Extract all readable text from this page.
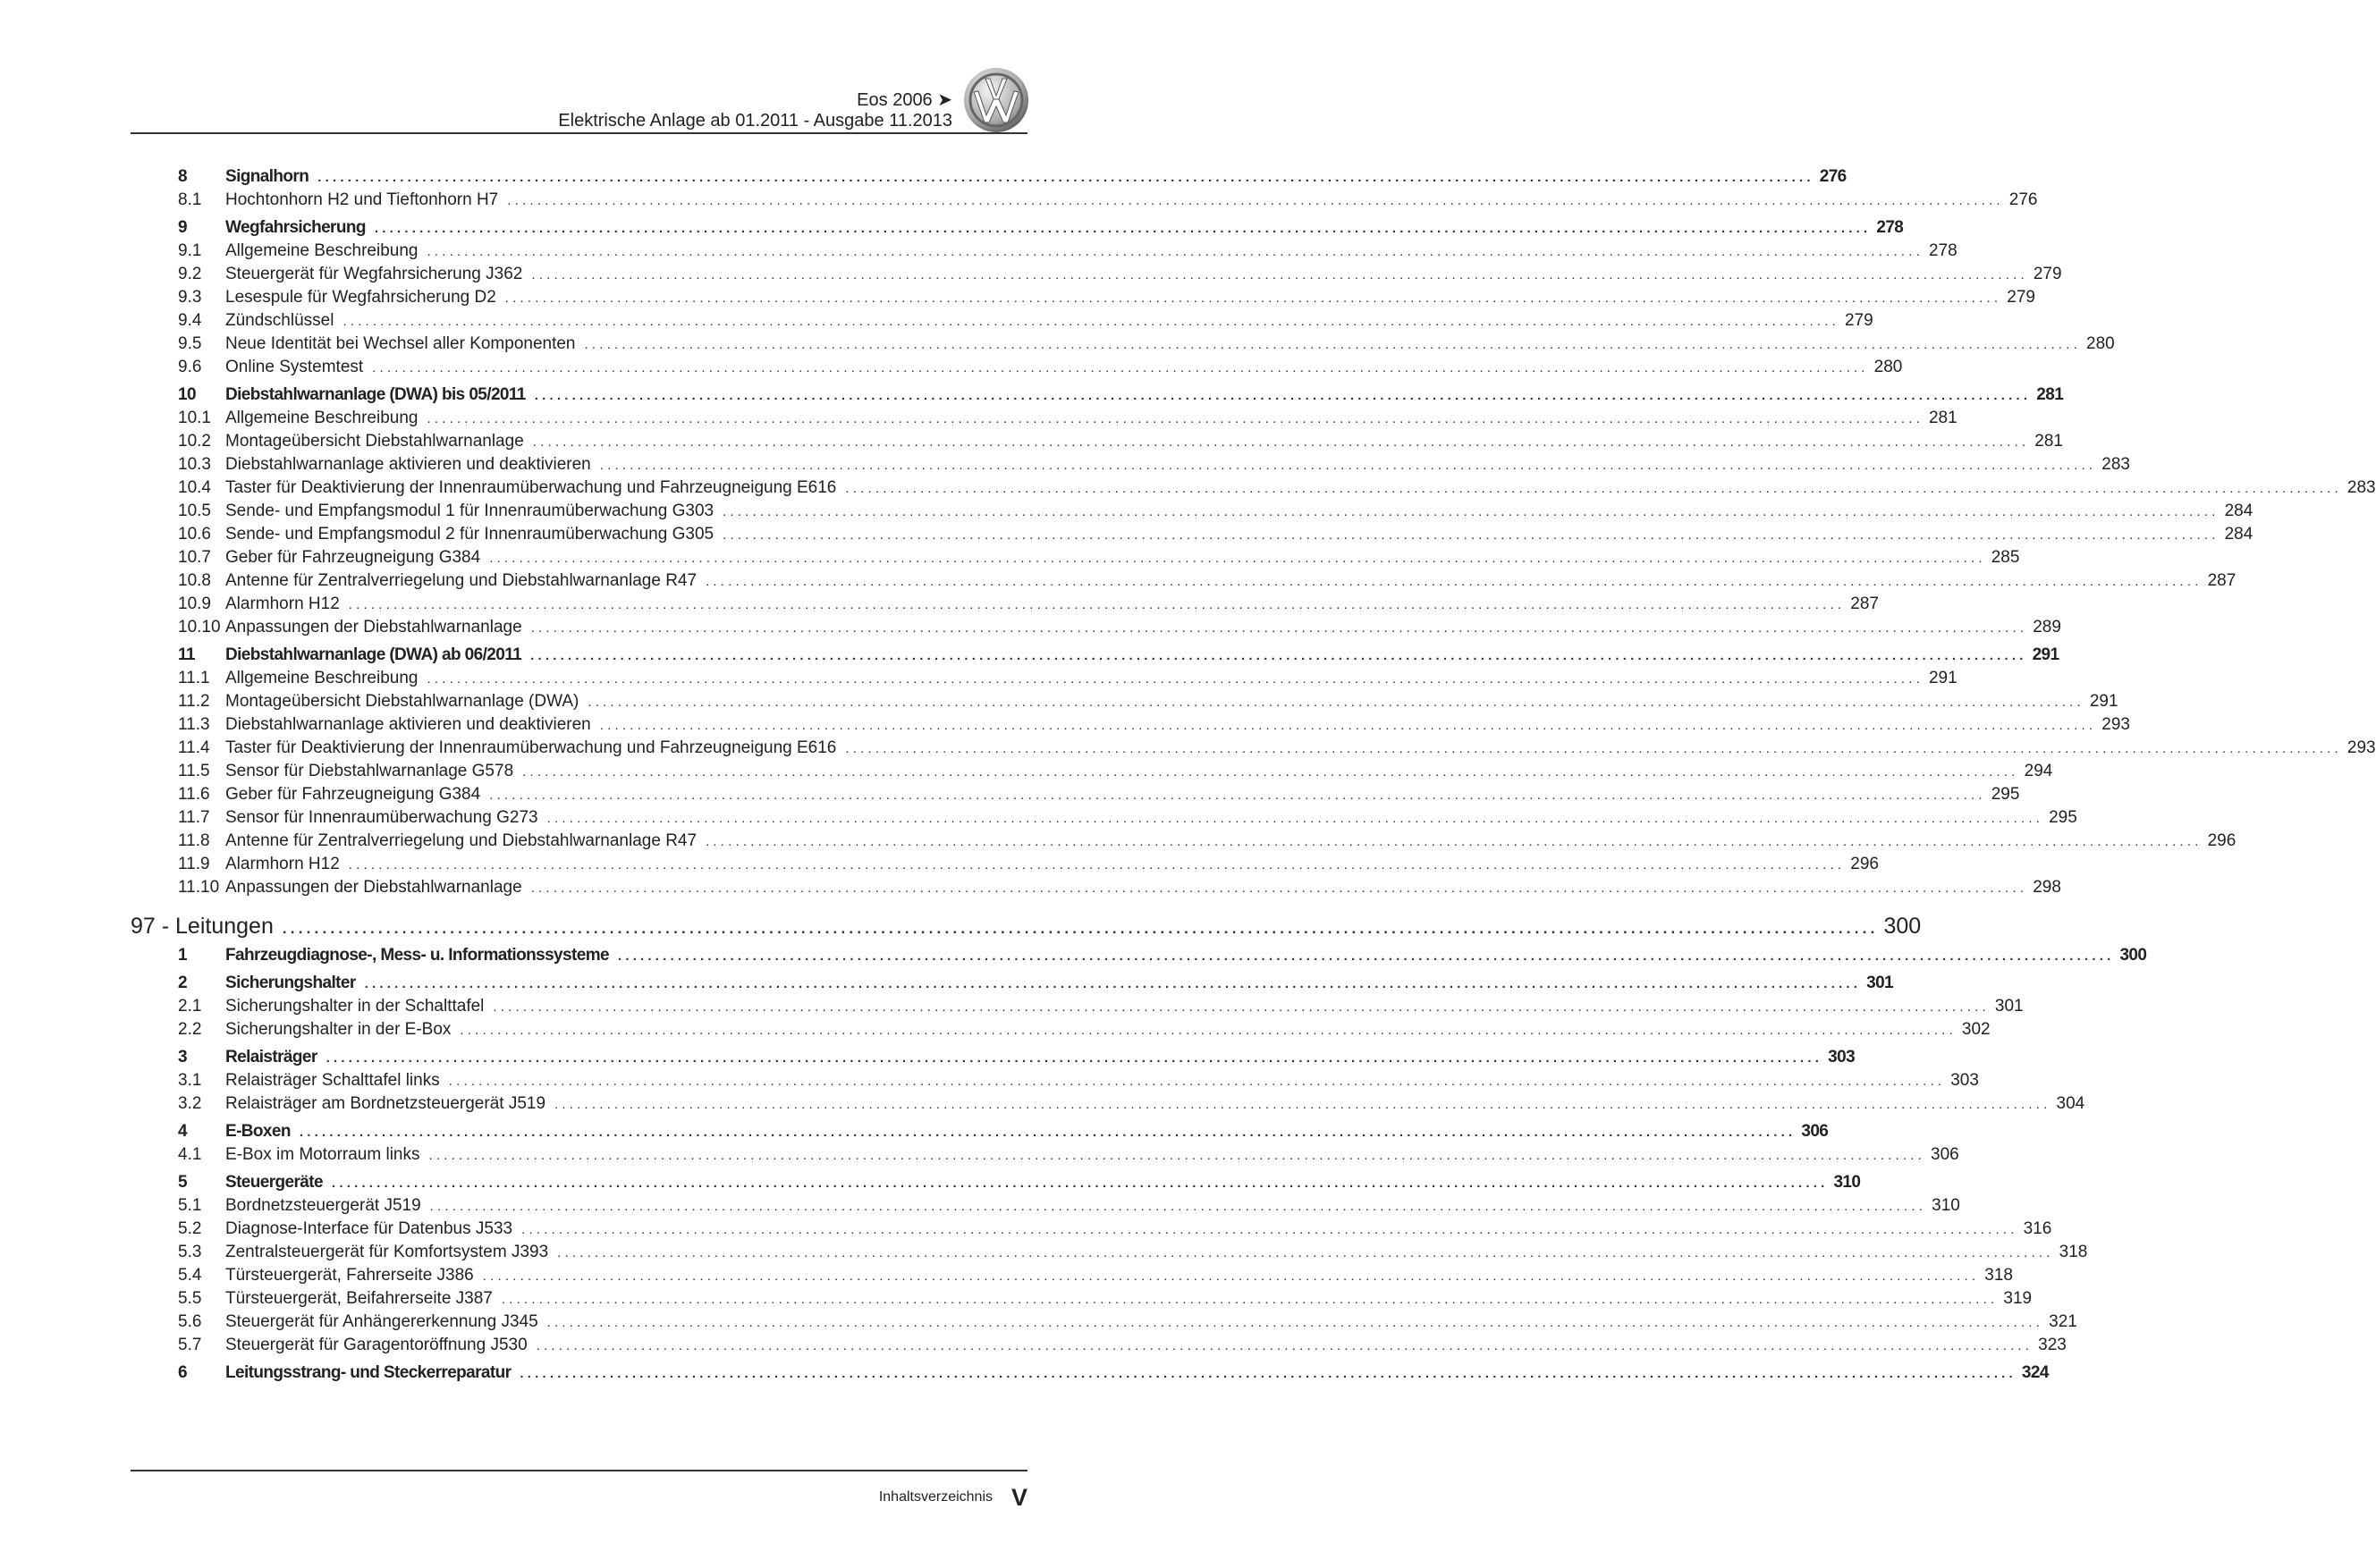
Eos 2006 ➤
Elektrische Anlage ab 01.2011 - Ausgabe 11.2013
8	Signalhorn ........................................................................................................................................................................................................ 276
8.1	Hochtonhorn H2 und Tieftonhorn H7 ........................................................................................................................................................................................................ 276
9	Wegfahrsicherung ........................................................................................................................................................................................................ 278
9.1	Allgemeine Beschreibung ........................................................................................................................................................................................................ 278
9.2	Steuergerät für Wegfahrsicherung J362 ........................................................................................................................................................................................................ 279
9.3	Lesespule für Wegfahrsicherung D2 ........................................................................................................................................................................................................ 279
9.4	Zündschlüssel ........................................................................................................................................................................................................ 279
9.5	Neue Identität bei Wechsel aller Komponenten ........................................................................................................................................................................................................ 280
9.6	Online Systemtest ........................................................................................................................................................................................................ 280
10	Diebstahlwarnanlage (DWA) bis 05/2011 ........................................................................................................................................................................................................ 281
10.1 Allgemeine Beschreibung ........................................................................................................................................................................................................ 281
10.2 Montageübersicht Diebstahlwarnanlage ........................................................................................................................................................................................................ 281
10.3 Diebstahlwarnanlage aktivieren und deaktivieren ........................................................................................................................................................................................................ 283
10.4 Taster für Deaktivierung der Innenraumüberwachung und Fahrzeugneigung E616 ........................................................................................................................................................................................................ 283
10.5 Sende- und Empfangsmodul 1 für Innenraumüberwachung G303 ........................................................................................................................................................................................................ 284
10.6 Sende- und Empfangsmodul 2 für Innenraumüberwachung G305 ........................................................................................................................................................................................................ 284
10.7 Geber für Fahrzeugneigung G384 ........................................................................................................................................................................................................ 285
10.8 Antenne für Zentralverriegelung und Diebstahlwarnanlage R47 ........................................................................................................................................................................................................ 287
10.9 Alarmhorn H12 ........................................................................................................................................................................................................ 287
10.10 Anpassungen der Diebstahlwarnanlage ........................................................................................................................................................................................................ 289
11	Diebstahlwarnanlage (DWA) ab 06/2011 ........................................................................................................................................................................................................ 291
11.1 Allgemeine Beschreibung ........................................................................................................................................................................................................ 291
11.2 Montageübersicht Diebstahlwarnanlage (DWA) ........................................................................................................................................................................................................ 291
11.3 Diebstahlwarnanlage aktivieren und deaktivieren ........................................................................................................................................................................................................ 293
11.4 Taster für Deaktivierung der Innenraumüberwachung und Fahrzeugneigung E616 ........................................................................................................................................................................................................ 293
11.5 Sensor für Diebstahlwarnanlage G578 ........................................................................................................................................................................................................ 294
11.6 Geber für Fahrzeugneigung G384 ........................................................................................................................................................................................................ 295
11.7 Sensor für Innenraumüberwachung G273 ........................................................................................................................................................................................................ 295
11.8 Antenne für Zentralverriegelung und Diebstahlwarnanlage R47 ........................................................................................................................................................................................................ 296
11.9 Alarmhorn H12 ........................................................................................................................................................................................................ 296
11.10 Anpassungen der Diebstahlwarnanlage ........................................................................................................................................................................................................ 298
97 - Leitungen ........................................................................................................................................................................................................ 300
1	Fahrzeugdiagnose-, Mess- u. Informationssysteme ........................................................................................................................................................................................................ 300
2	Sicherungshalter ........................................................................................................................................................................................................ 301
2.1	Sicherungshalter in der Schalttafel ........................................................................................................................................................................................................ 301
2.2	Sicherungshalter in der E-Box ........................................................................................................................................................................................................ 302
3	Relaisträger ........................................................................................................................................................................................................ 303
3.1	Relaisträger Schalttafel links ........................................................................................................................................................................................................ 303
3.2	Relaisträger am Bordnetzsteuergerät J519 ........................................................................................................................................................................................................ 304
4	E-Boxen ........................................................................................................................................................................................................ 306
4.1	E-Box im Motorraum links ........................................................................................................................................................................................................ 306
5	Steuergeräte ........................................................................................................................................................................................................ 310
5.1	Bordnetzsteuergerät J519 ........................................................................................................................................................................................................ 310
5.2	Diagnose-Interface für Datenbus J533 ........................................................................................................................................................................................................ 316
5.3	Zentralsteuergerät für Komfortsystem J393 ........................................................................................................................................................................................................ 318
5.4	Türsteuergerät, Fahrerseite J386 ........................................................................................................................................................................................................ 318
5.5	Türsteuergerät, Beifahrerseite J387 ........................................................................................................................................................................................................ 319
5.6	Steuergerät für Anhängererkennung J345 ........................................................................................................................................................................................................ 321
5.7	Steuergerät für Garagentoröffnung J530 ........................................................................................................................................................................................................ 323
6	Leitungsstrang- und Steckerreparatur ........................................................................................................................................................................................................ 324
Inhaltsverzeichnis V
